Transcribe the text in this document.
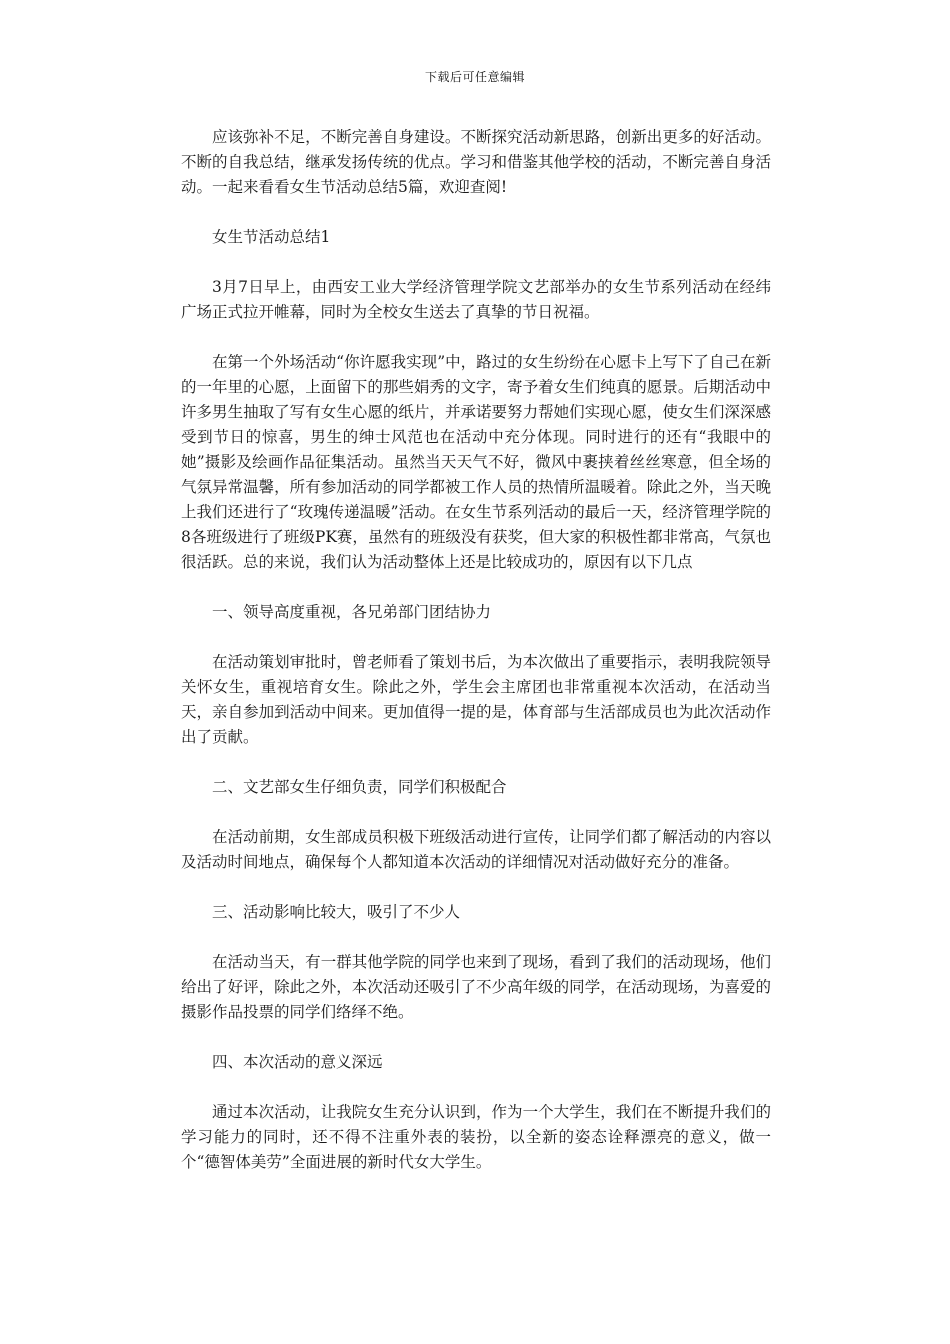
下载后可任意编辑

应该弥补不足，不断完善自身建设。不断探究活动新思路，创新出更多的好活动。不断的自我总结，继承发扬传统的优点。学习和借鉴其他学校的活动，不断完善自身活动。一起来看看女生节活动总结5篇，欢迎查阅!

女生节活动总结1

3月7日早上，由西安工业大学经济管理学院文艺部举办的女生节系列活动在经纬广场正式拉开帷幕，同时为全校女生送去了真挚的节日祝福。

在第一个外场活动“你许愿我实现”中，路过的女生纷纷在心愿卡上写下了自己在新的一年里的心愿，上面留下的那些娟秀的文字，寄予着女生们纯真的愿景。后期活动中许多男生抽取了写有女生心愿的纸片，并承诺要努力帮她们实现心愿，使女生们深深感受到节日的惊喜，男生的绅士风范也在活动中充分体现。同时进行的还有“我眼中的她”摄影及绘画作品征集活动。虽然当天天气不好，微风中裹挟着丝丝寒意，但全场的气氛异常温馨，所有参加活动的同学都被工作人员的热情所温暖着。除此之外，当天晚上我们还进行了“玫瑰传递温暖”活动。在女生节系列活动的最后一天，经济管理学院的8各班级进行了班级PK赛，虽然有的班级没有获奖，但大家的积极性都非常高，气氛也很活跃。总的来说，我们认为活动整体上还是比较成功的，原因有以下几点

一、领导高度重视，各兄弟部门团结协力

在活动策划审批时，曾老师看了策划书后，为本次做出了重要指示，表明我院领导关怀女生，重视培育女生。除此之外，学生会主席团也非常重视本次活动，在活动当天，亲自参加到活动中间来。更加值得一提的是，体育部与生活部成员也为此次活动作出了贡献。

二、文艺部女生仔细负责，同学们积极配合

在活动前期，女生部成员积极下班级活动进行宣传，让同学们都了解活动的内容以及活动时间地点，确保每个人都知道本次活动的详细情况对活动做好充分的准备。

三、活动影响比较大，吸引了不少人

在活动当天，有一群其他学院的同学也来到了现场，看到了我们的活动现场，他们给出了好评，除此之外，本次活动还吸引了不少高年级的同学，在活动现场，为喜爱的摄影作品投票的同学们络绎不绝。

四、本次活动的意义深远

通过本次活动，让我院女生充分认识到，作为一个大学生，我们在不断提升我们的学习能力的同时，还不得不注重外表的装扮，以全新的姿态诠释漂亮的意义，做一个“德智体美劳”全面进展的新时代女大学生。
